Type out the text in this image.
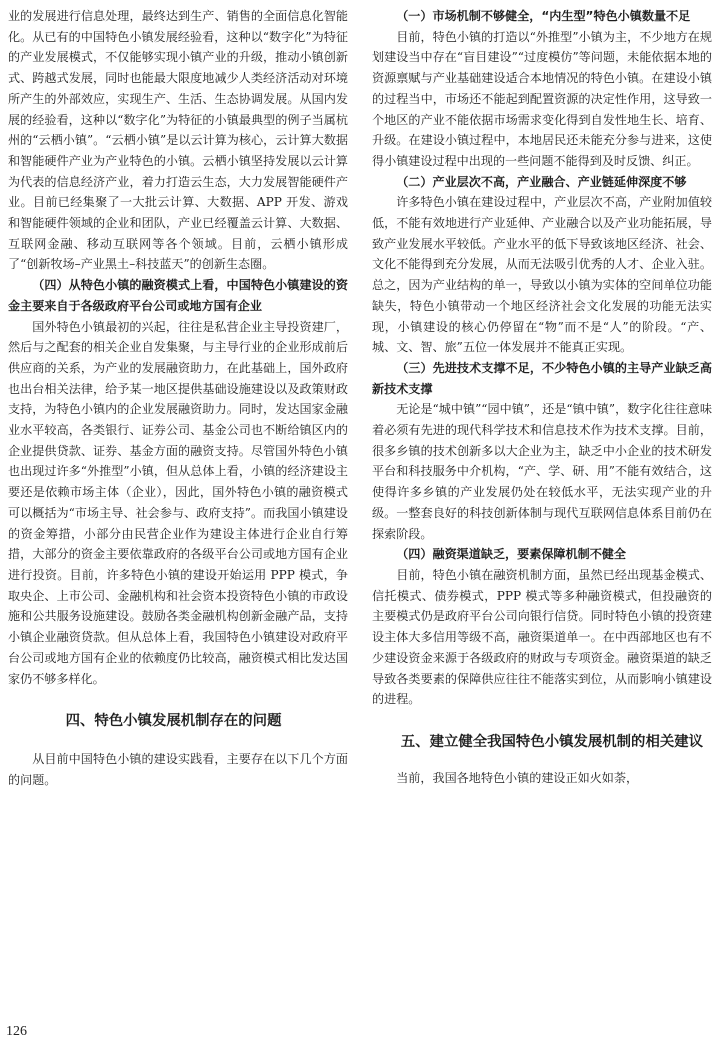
业的发展进行信息处理，最终达到生产、销售的全面信息化智能化。从已有的中国特色小镇发展经验看，这种以“数字化”为特征的产业发展模式，不仅能够实现小镇产业的升级，推动小镇创新式、跨越式发展，同时也能最大限度地减少人类经济活动对环境所产生的外部效应，实现生产、生活、生态协调发展。从国内发展的经验看，这种以“数字化”为特征的小镇最典型的例子当属杭州的“云栖小镇”。“云栖小镇”是以云计算为核心，云计算大数据和智能硬件产业为产业特色的小镇。云栖小镇坚持发展以云计算为代表的信息经济产业，着力打造云生态，大力发展智能硬件产业。目前已经集聚了一大批云计算、大数据、APP 开发、游戏和智能硬件领域的企业和团队，产业已经覆盖云计算、大数据、互联网金融、移动互联网等各个领域。目前，云栖小镇形成了“创新牧场–产业黑土–科技蓝天”的创新生态圈。

（四）从特色小镇的融资模式上看，中国特色小镇建设的资金主要来自于各级政府平台公司或地方国有企业

国外特色小镇最初的兴起，往往是私营企业主导投资建厂，然后与之配套的相关企业自发集聚，与主导行业的企业形成前后供应商的关系，为产业的发展融资助力，在此基础上，国外政府也出台相关法律，给予某一地区提供基础设施建设以及政策财政支持，为特色小镇内的企业发展融资助力。同时，发达国家金融业水平较高，各类银行、证券公司、基金公司也不断给镇区内的企业提供贷款、证券、基金方面的融资支持。尽管国外特色小镇也出现过许多“外推型”小镇，但从总体上看，小镇的经济建设主要还是依赖市场主体（企业），因此，国外特色小镇的融资模式可以概括为“市场主导、社会参与、政府支持”。而我国小镇建设的资金筹措，小部分由民营企业作为建设主体进行企业自行筹措，大部分的资金主要依靠政府的各级平台公司或地方国有企业进行投资。目前，许多特色小镇的建设开始运用 PPP 模式，争取央企、上市公司、金融机构和社会资本投资特色小镇的市政设施和公共服务设施建设。鼓励各类金融机构创新金融产品，支持小镇企业融资贷款。但从总体上看，我国特色小镇建设对政府平台公司或地方国有企业的依赖度仍比较高，融资模式相比发达国家仍不够多样化。

四、特色小镇发展机制存在的问题

从目前中国特色小镇的建设实践看，主要存在以下几个方面的问题。

（一）市场机制不够健全，“内生型”特色小镇数量不足

目前，特色小镇的打造以“外推型”小镇为主，不少地方在规划建设当中存在“盲目建设”“过度模仿”等问题，未能依据本地的资源禀赋与产业基础建设适合本地情况的特色小镇。在建设小镇的过程当中，市场还不能起到配置资源的决定性作用，这导致一个地区的产业不能依据市场需求变化得到自发性地生长、培育、升级。在建设小镇过程中，本地居民还未能充分参与进来，这使得小镇建设过程中出现的一些问题不能得到及时反馈、纠正。

（二）产业层次不高，产业融合、产业链延伸深度不够

许多特色小镇在建设过程中，产业层次不高，产业附加值较低，不能有效地进行产业延伸、产业融合以及产业功能拓展，导致产业发展水平较低。产业水平的低下导致该地区经济、社会、文化不能得到充分发展，从而无法吸引优秀的人才、企业入驻。总之，因为产业结构的单一，导致以小镇为实体的空间单位功能缺失，特色小镇带动一个地区经济社会文化发展的功能无法实现，小镇建设的核心仍停留在“物”而不是“人”的阶段。“产、城、文、智、旅”五位一体发展并不能真正实现。

（三）先进技术支撑不足，不少特色小镇的主导产业缺乏高新技术支撑

无论是“城中镇”“园中镇”，还是“镇中镇”，数字化往往意味着必须有先进的现代科学技术和信息技术作为技术支撑。目前，很多乡镇的技术创新多以大企业为主，缺乏中小企业的技术研发平台和科技服务中介机构，“产、学、研、用”不能有效结合，这使得许多乡镇的产业发展仍处在较低水平，无法实现产业的升级。一整套良好的科技创新体制与现代互联网信息体系目前仍在探索阶段。

（四）融资渠道缺乏，要素保障机制不健全

目前，特色小镇在融资机制方面，虽然已经出现基金模式、信托模式、债券模式，PPP 模式等多种融资模式，但投融资的主要模式仍是政府平台公司向银行信贷。同时特色小镇的投资建设主体大多信用等级不高，融资渠道单一。在中西部地区也有不少建设资金来源于各级政府的财政与专项资金。融资渠道的缺乏导致各类要素的保障供应往往不能落实到位，从而影响小镇建设的进程。

五、建立健全我国特色小镇发展机制的相关建议

当前，我国各地特色小镇的建设正如火如荼，

126
